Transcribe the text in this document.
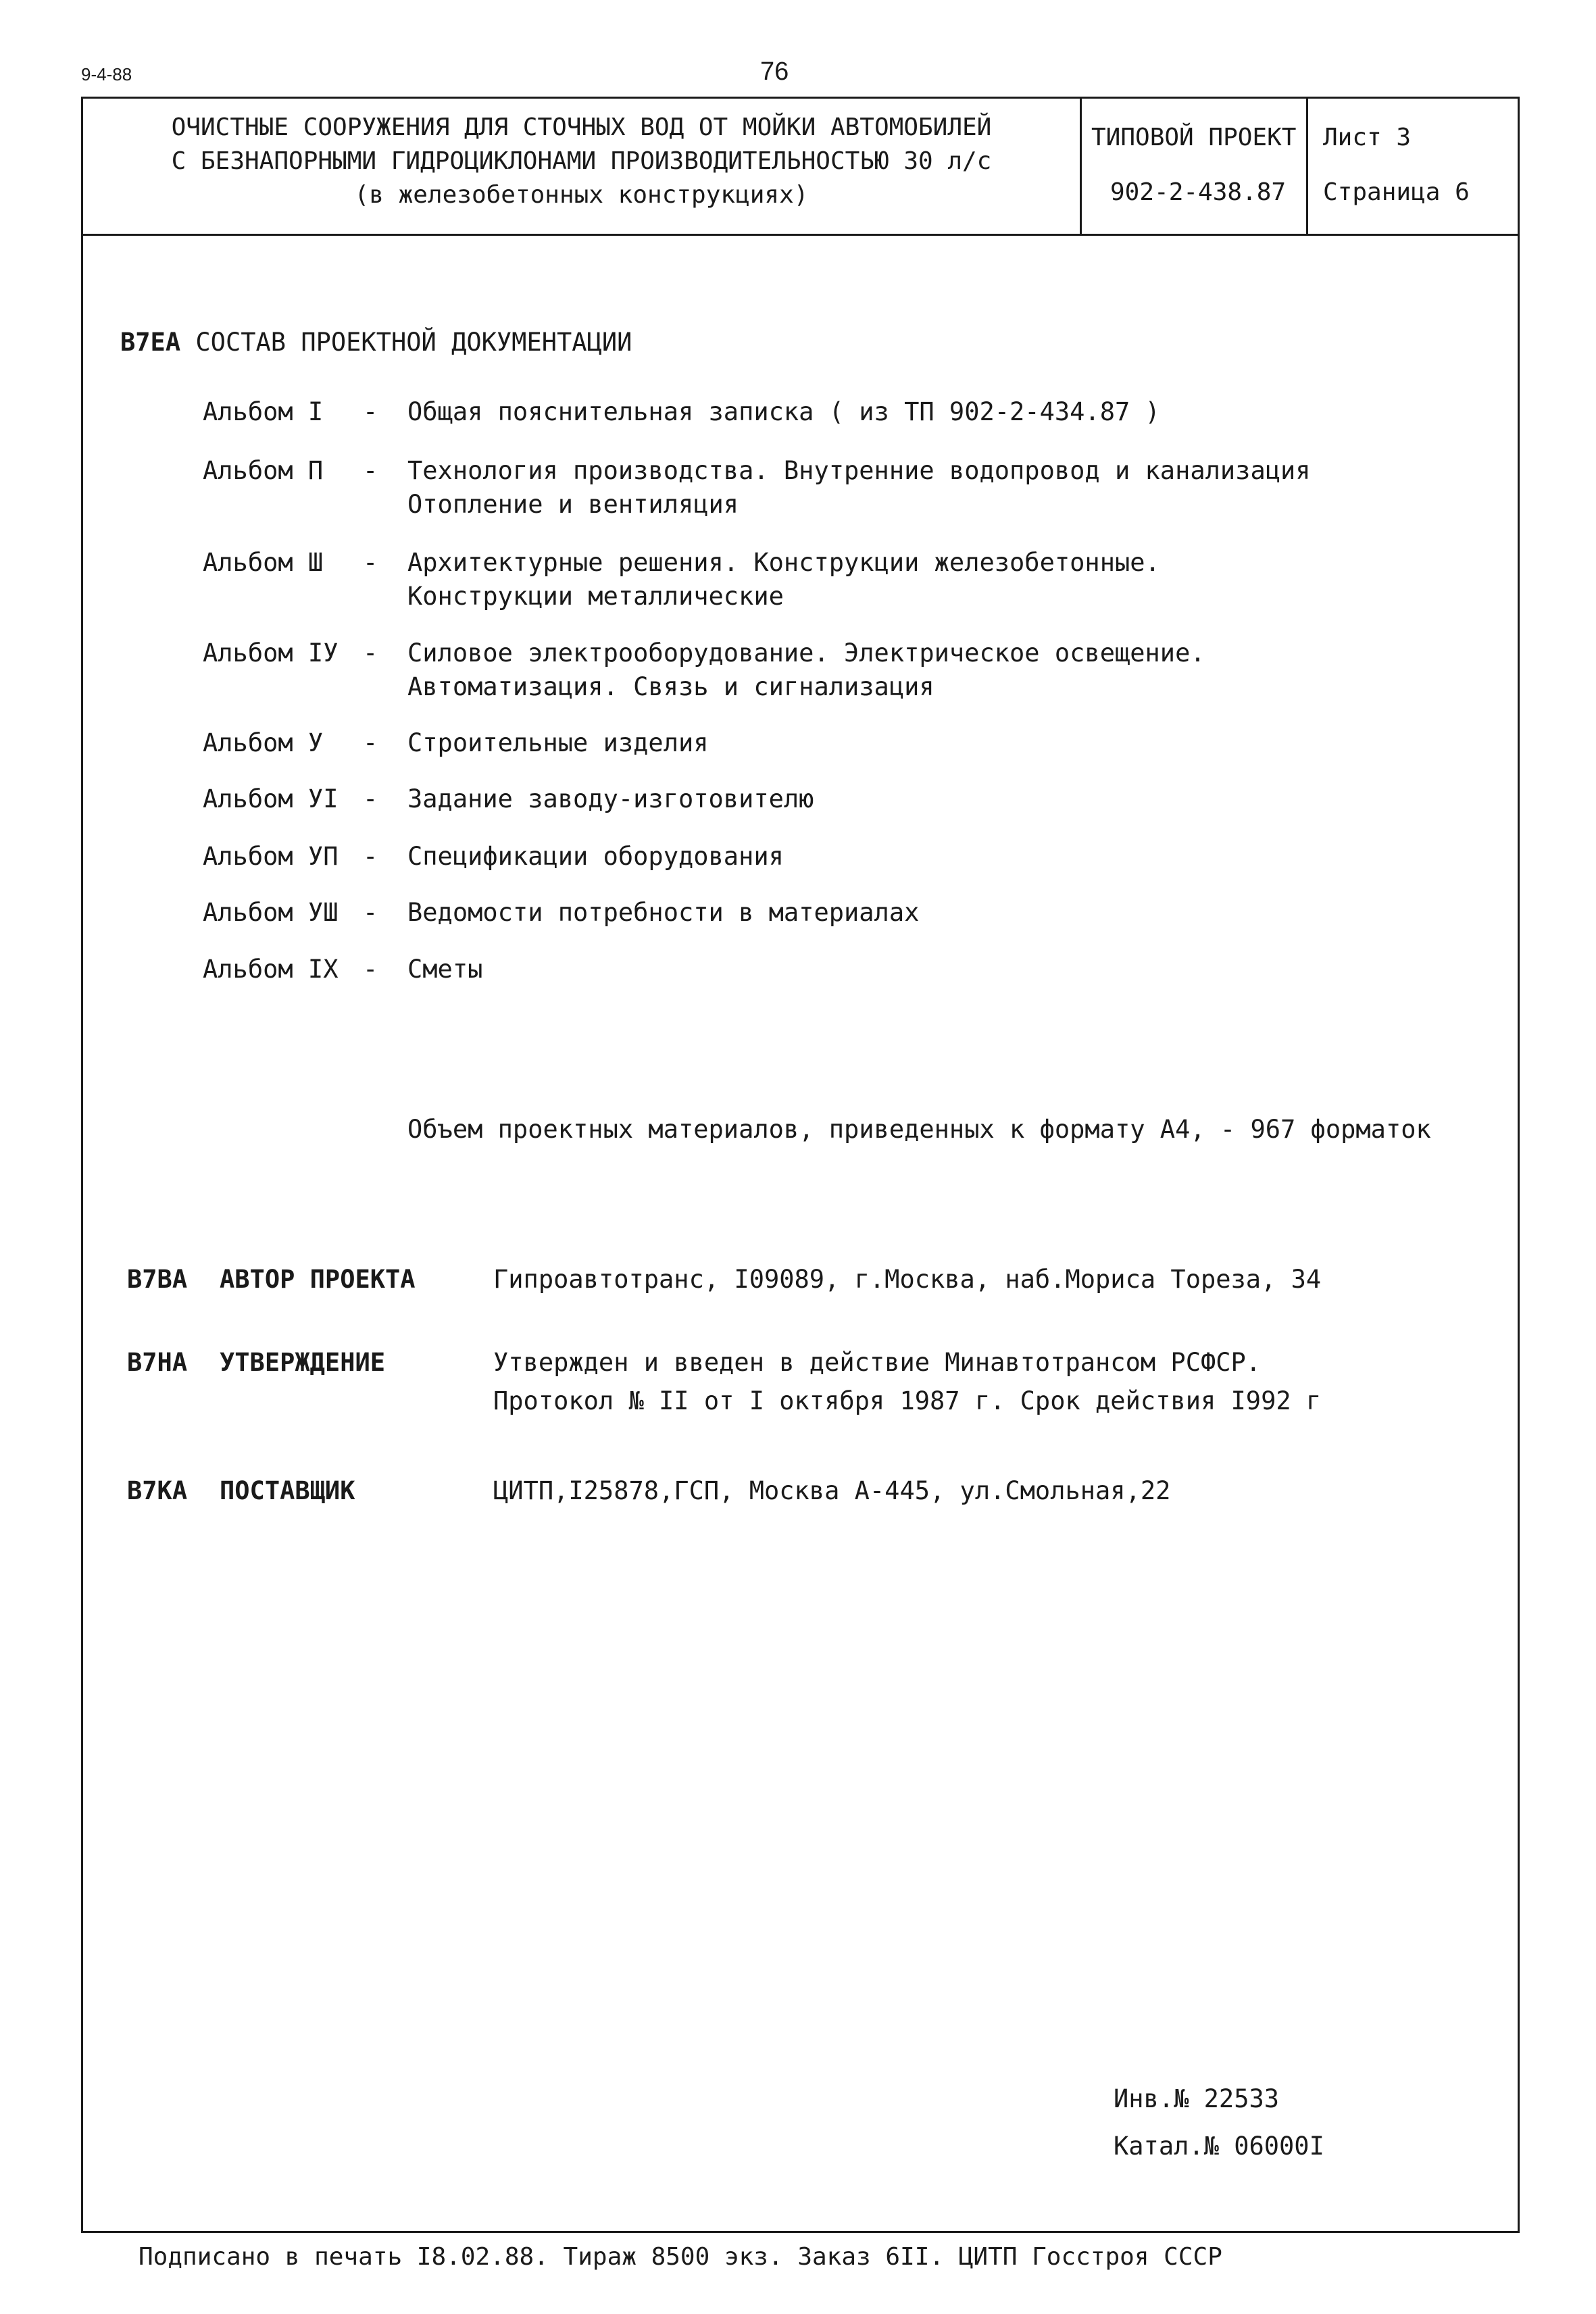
9-4-88	76
ОЧИСТНЫЕ СООРУЖЕНИЯ ДЛЯ СТОЧНЫХ ВОД ОТ МОЙКИ АВТОМОБИЛЕЙ
С БЕЗНАПОРНЫМИ ГИДРОЦИКЛОНАМИ ПРОИЗВОДИТЕЛЬНОСТЬЮ 30 л/с
(в железобетонных конструкциях)
ТИПОВОЙ ПРОЕКТ
902-2-438.87
Лист 3
Страница 6
В7ЕА СОСТАВ ПРОЕКТНОЙ ДОКУМЕНТАЦИИ
Альбом I - Общая пояснительная записка ( из ТП 902-2-434.87 )
Альбом П - Технология производства. Внутренние водопровод и канализация
Отопление и вентиляция
Альбом Ш - Архитектурные решения. Конструкции железобетонные.
Конструкции металлические
Альбом IУ - Силовое электрооборудование. Электрическое освещение.
Автоматизация. Связь и сигнализация
Альбом У - Строительные изделия
Альбом УI - Задание заводу-изготовителю
Альбом УП - Спецификации оборудования
Альбом УШ - Ведомости потребности в материалах
Альбом IX - Сметы
Объем проектных материалов, приведенных к формату А4, - 967 форматок
В7ВА АВТОР ПРОЕКТА	Гипроавтотранс, I09089, г.Москва, наб.Мориса Тореза, 34
В7НА УТВЕРЖДЕНИЕ	Утвержден и введен в действие Минавтотрансом РСФСР.
Протокол № II от I октября 1987 г. Срок действия I992 г
В7КА ПОСТАВЩИК	ЦИТП,I25878,ГСП, Москва А-445, ул.Смольная,22
Инв.№ 22533
Катал.№ 06000I
Подписано в печать I8.02.88. Тираж 8500 экз. Заказ 6II. ЦИТП Госстроя СССР
